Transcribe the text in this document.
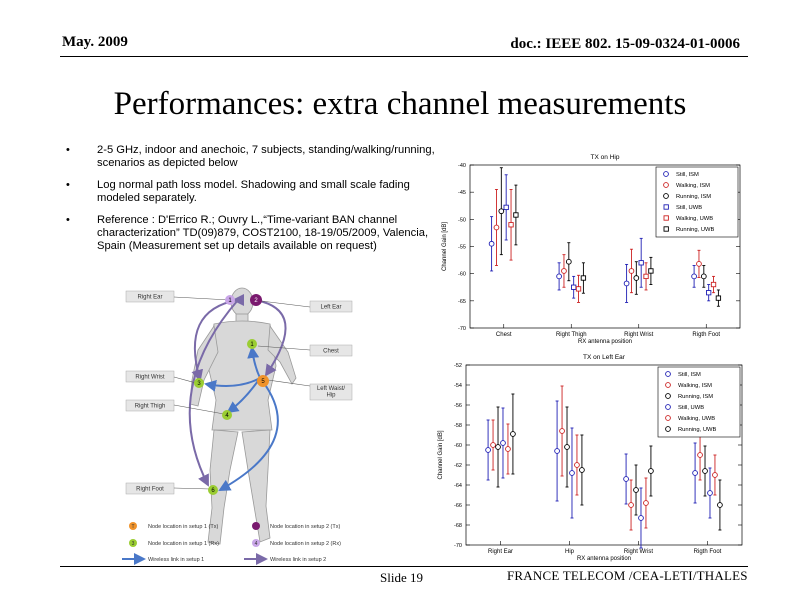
May. 2009	doc.: IEEE 802. 15-09-0324-01-0006
Performances: extra channel measurements
• 2-5 GHz, indoor and anechoic, 7 subjects, standing/walking/running, scenarios as depicted below
• Log normal path loss model. Shadowing and small scale fading modeled separately.
• Reference : D'Errico R.; Ouvry L.,“Time-variant BAN channel characterization” TD(09)879, COST2100, 18-19/05/2009, Valencia, Spain (Measurement set up details available on request)
Right Ear
Left Ear
Chest
Right Wrist
Left Waist/ Hip
Right Thigh
Right Foot
1	2
1
3	5
4
6
T Node location in setup 1 (Tx)	Node location in setup 2 (Tx)
3 Node location in setup 1 (Rx)	4 Node location in setup 2 (Rx)
Wireless link in setup 1	Wireless link in setup 2
TX on Hip
-40
-45
-50
-55
-60
-65
-70
Chest	Right Thigh	Right Wrist	Rigth Foot
RX antenna position
Channel Gain [dB]
Still, ISM
Walking, ISM
Running, ISM
Still, UWB
Walking, UWB
Running, UWB
TX on Left Ear
-52
-54
-56
-58
-60
-62
-64
-66
-68
-70
Right Ear	Hip	Right Wrist	Rigth Foot
RX antenna position
Channel Gain [dB]
Still, ISM
Walking, ISM
Running, ISM
Still, UWB
Walking, UWB
Running, UWB
Slide 19	FRANCE TELECOM /CEA-LETI/THALES
